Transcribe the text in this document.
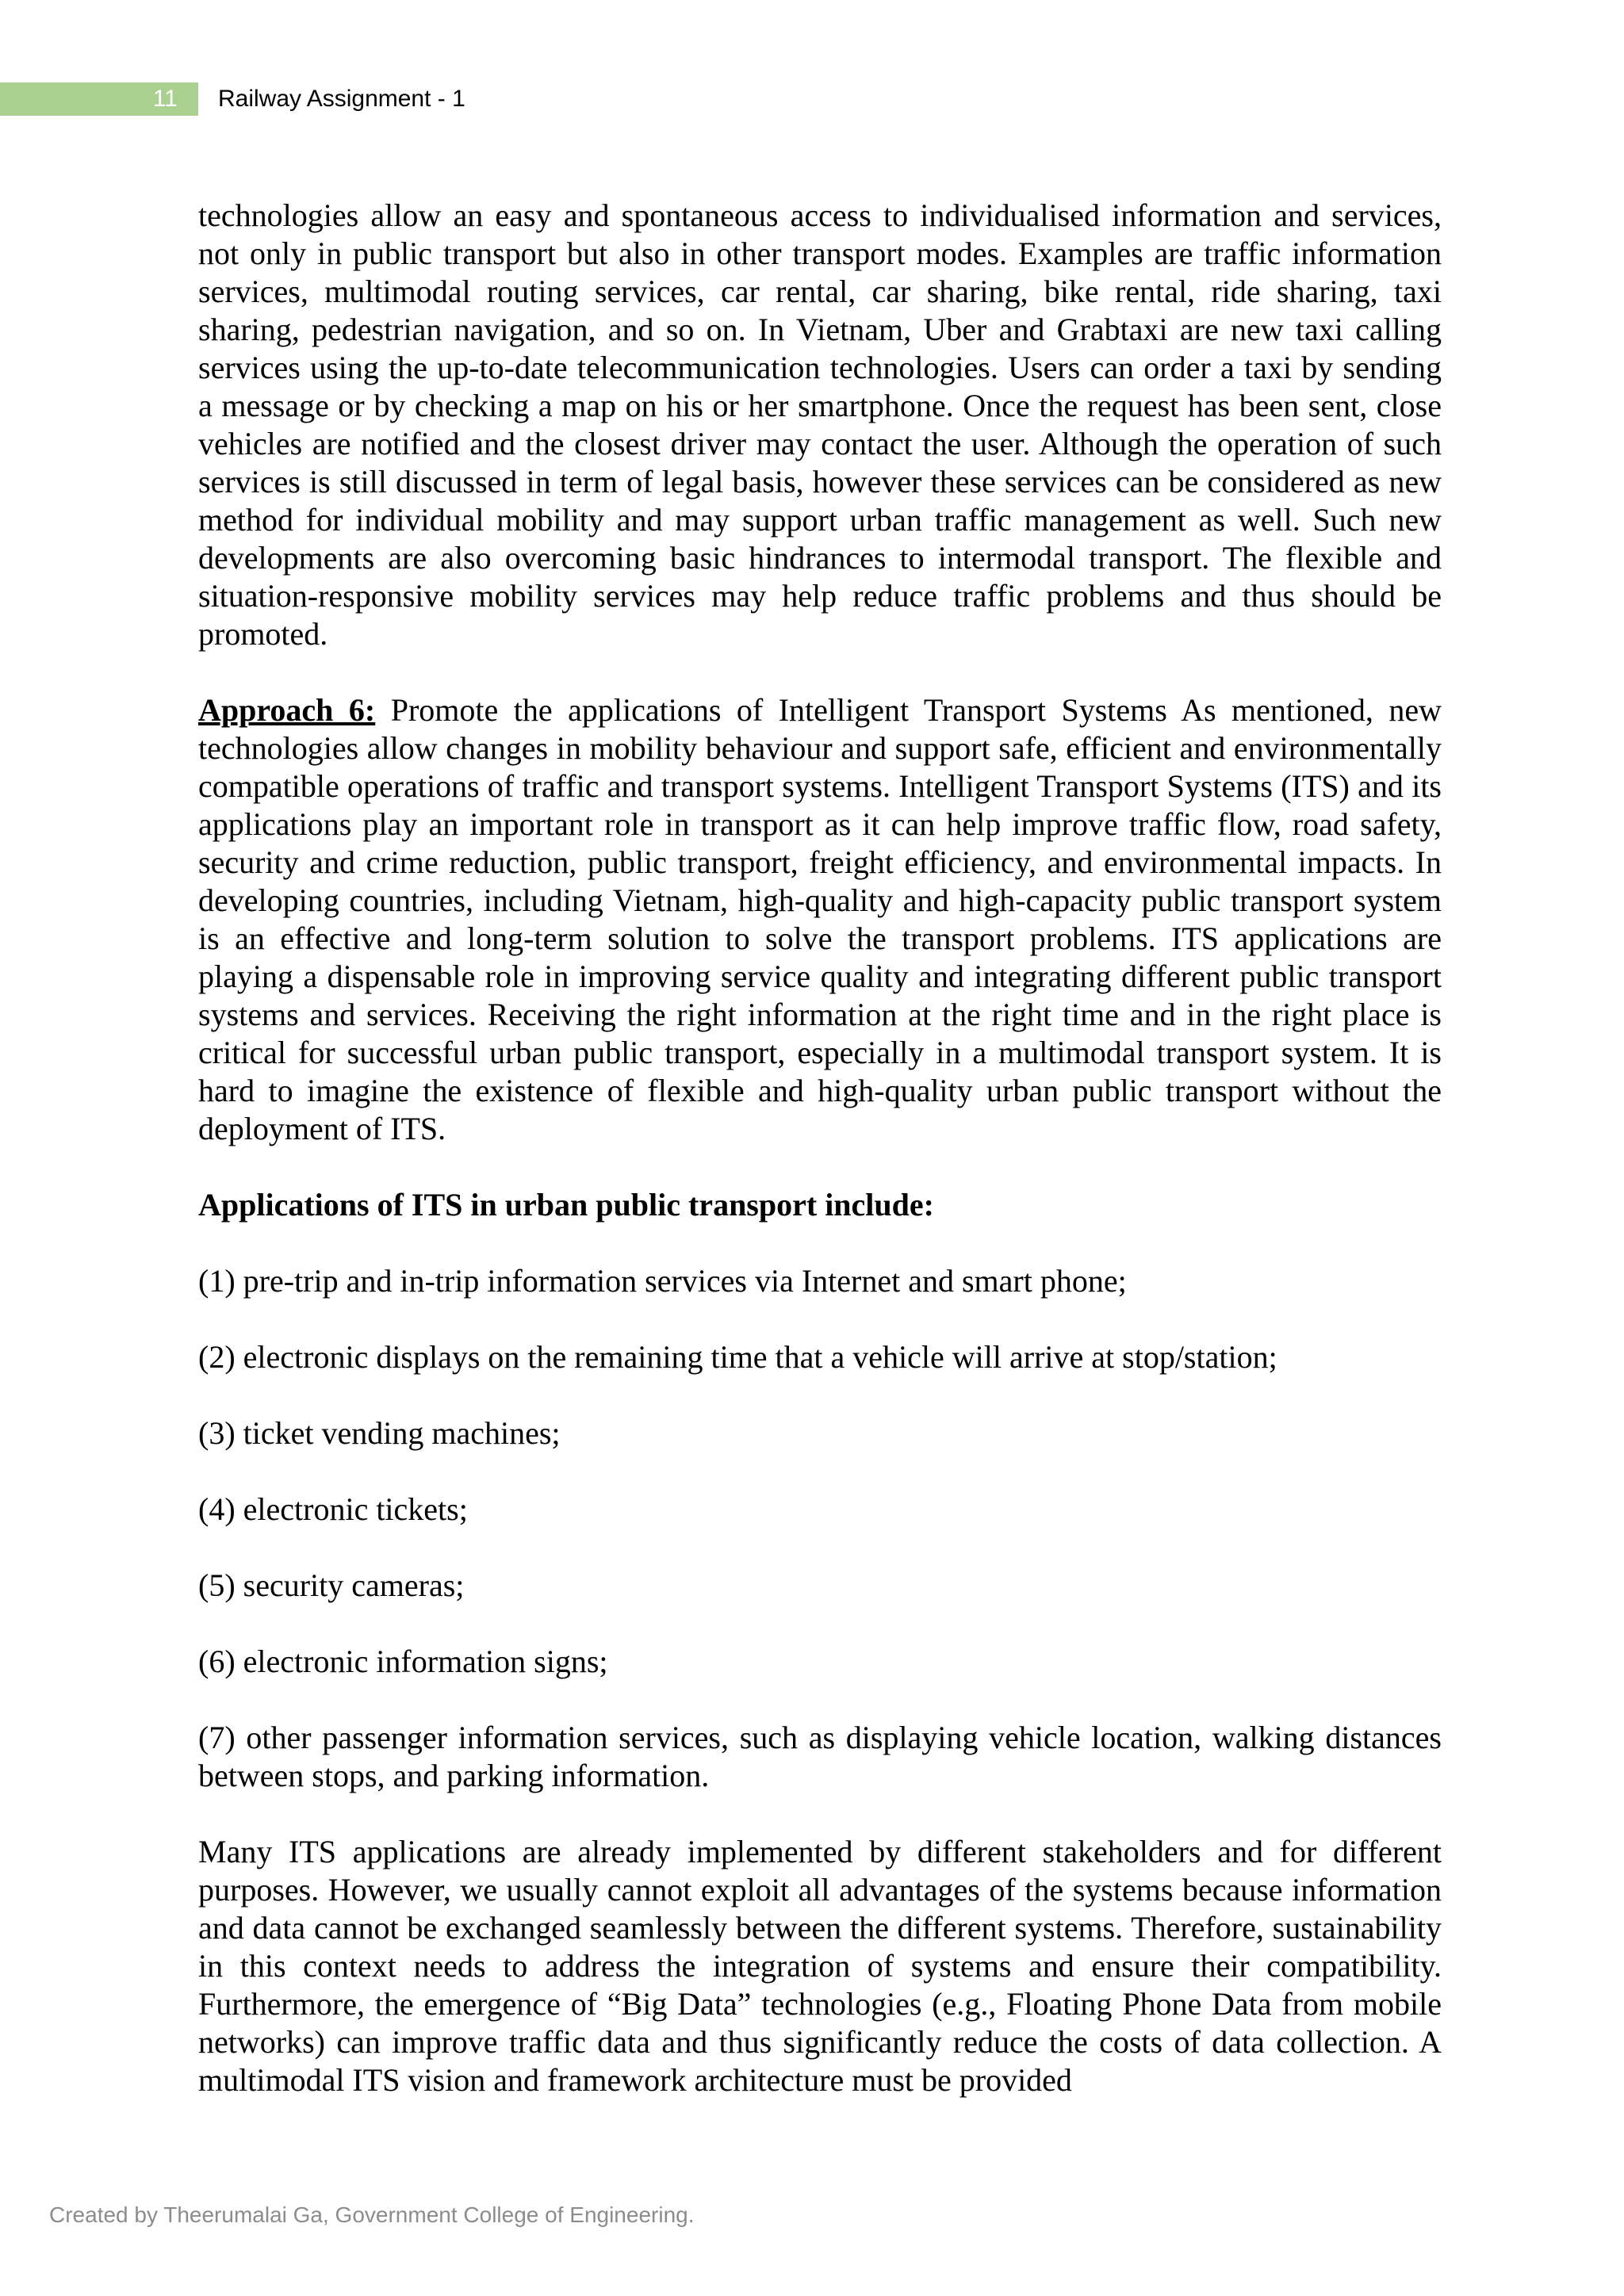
11	Railway Assignment - 1

technologies allow an easy and spontaneous access to individualised information and services, not only in public transport but also in other transport modes. Examples are traffic information services, multimodal routing services, car rental, car sharing, bike rental, ride sharing, taxi sharing, pedestrian navigation, and so on. In Vietnam, Uber and Grabtaxi are new taxi calling services using the up-to-date telecommunication technologies. Users can order a taxi by sending a message or by checking a map on his or her smartphone. Once the request has been sent, close vehicles are notified and the closest driver may contact the user. Although the operation of such services is still discussed in term of legal basis, however these services can be considered as new method for individual mobility and may support urban traffic management as well. Such new developments are also overcoming basic hindrances to intermodal transport. The flexible and situation-responsive mobility services may help reduce traffic problems and thus should be promoted.

Approach 6: Promote the applications of Intelligent Transport Systems As mentioned, new technologies allow changes in mobility behaviour and support safe, efficient and environmentally compatible operations of traffic and transport systems. Intelligent Transport Systems (ITS) and its applications play an important role in transport as it can help improve traffic flow, road safety, security and crime reduction, public transport, freight efficiency, and environmental impacts. In developing countries, including Vietnam, high-quality and high-capacity public transport system is an effective and long-term solution to solve the transport problems. ITS applications are playing a dispensable role in improving service quality and integrating different public transport systems and services. Receiving the right information at the right time and in the right place is critical for successful urban public transport, especially in a multimodal transport system. It is hard to imagine the existence of flexible and high-quality urban public transport without the deployment of ITS.

Applications of ITS in urban public transport include:

(1) pre-trip and in-trip information services via Internet and smart phone;

(2) electronic displays on the remaining time that a vehicle will arrive at stop/station;

(3) ticket vending machines;

(4) electronic tickets;

(5) security cameras;

(6) electronic information signs;

(7) other passenger information services, such as displaying vehicle location, walking distances between stops, and parking information.

Many ITS applications are already implemented by different stakeholders and for different purposes. However, we usually cannot exploit all advantages of the systems because information and data cannot be exchanged seamlessly between the different systems. Therefore, sustainability in this context needs to address the integration of systems and ensure their compatibility. Furthermore, the emergence of “Big Data” technologies (e.g., Floating Phone Data from mobile networks) can improve traffic data and thus significantly reduce the costs of data collection. A multimodal ITS vision and framework architecture must be provided

Created by Theerumalai Ga, Government College of Engineering.
